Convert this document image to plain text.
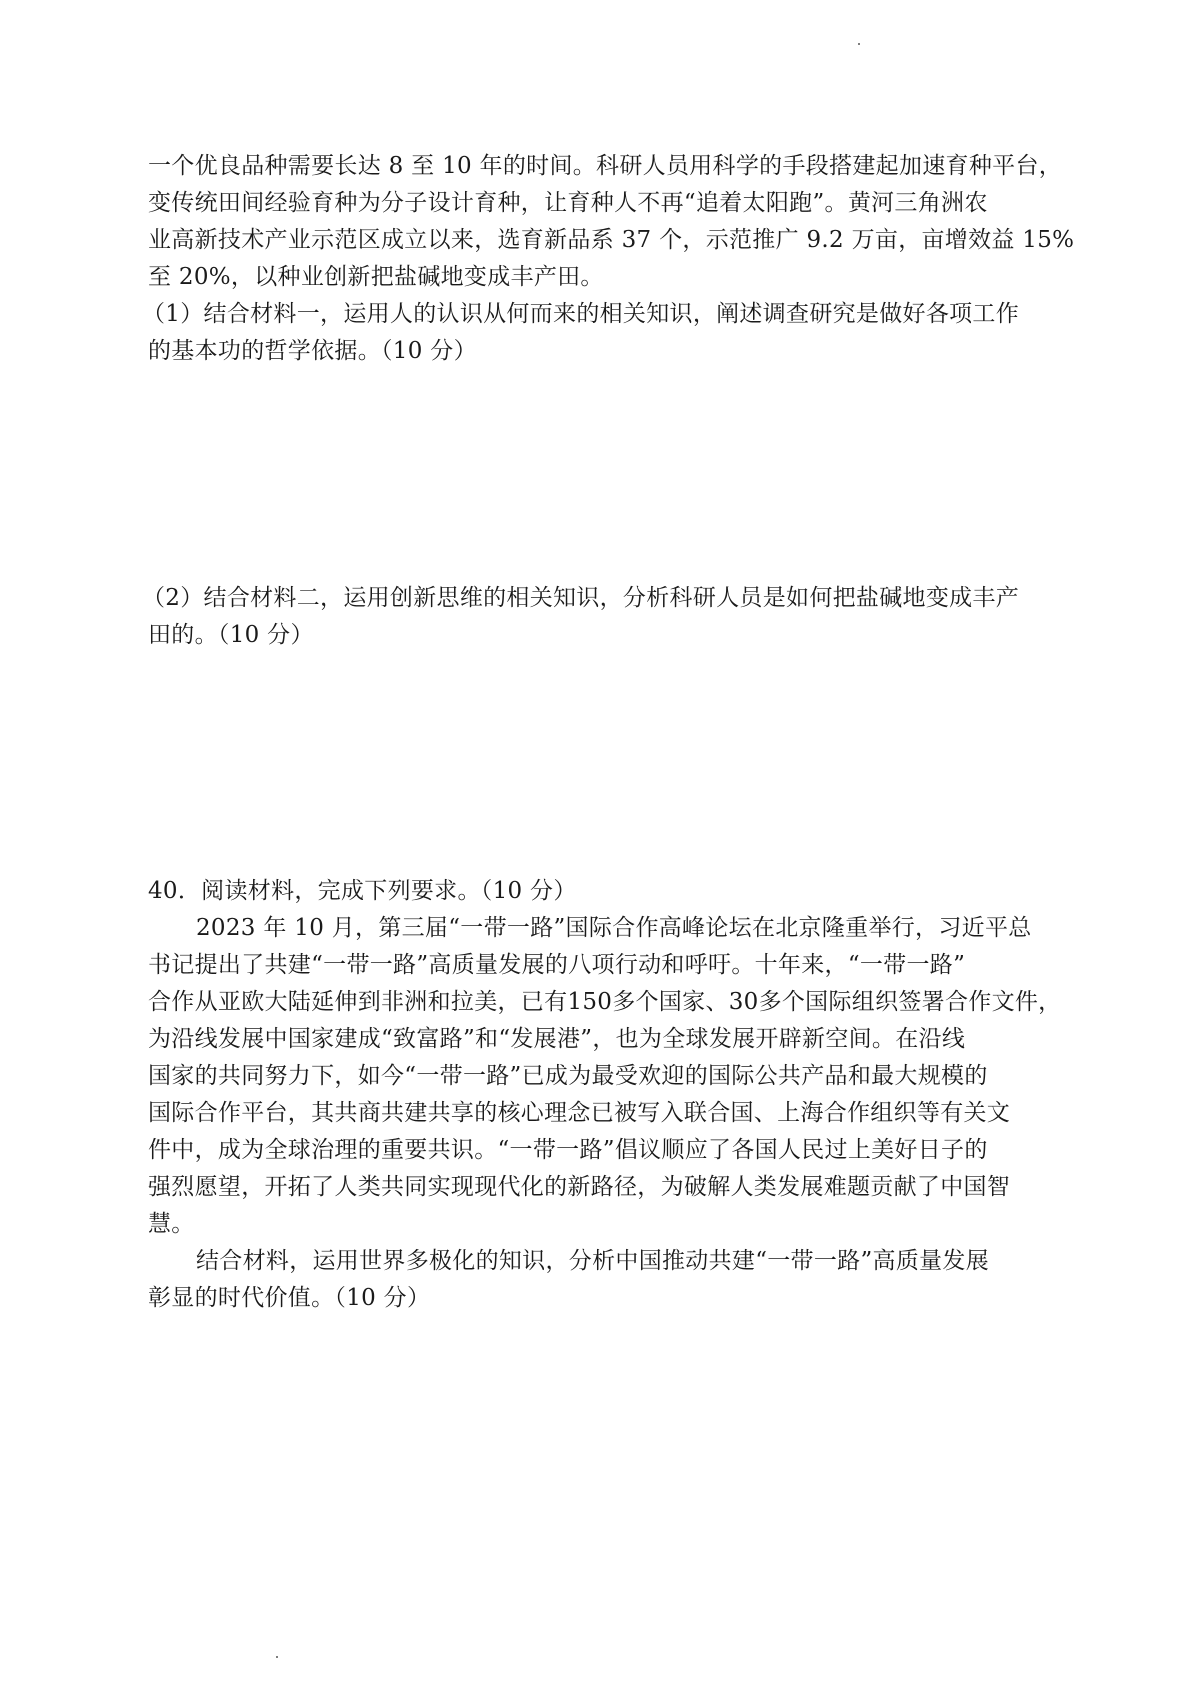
一个优良品种需要长达 8 至 10 年的时间。科研人员用科学的手段搭建起加速育种平台，
变传统田间经验育种为分子设计育种，让育种人不再“追着太阳跑”。黄河三角洲农
业高新技术产业示范区成立以来，选育新品系 37 个，示范推广 9.2 万亩，亩增效益 15%
至 20%，以种业创新把盐碱地变成丰产田。
（1）结合材料一，运用人的认识从何而来的相关知识，阐述调查研究是做好各项工作
的基本功的哲学依据。（10 分）
（2）结合材料二，运用创新思维的相关知识，分析科研人员是如何把盐碱地变成丰产
田的。（10 分）
40．阅读材料，完成下列要求。（10 分）
2023 年 10 月，第三届“一带一路”国际合作高峰论坛在北京隆重举行，习近平总
书记提出了共建“一带一路”高质量发展的八项行动和呼吁。十年来，“一带一路”
合作从亚欧大陆延伸到非洲和拉美，已有150多个国家、30多个国际组织签署合作文件，
为沿线发展中国家建成“致富路”和“发展港”，也为全球发展开辟新空间。在沿线
国家的共同努力下，如今“一带一路”已成为最受欢迎的国际公共产品和最大规模的
国际合作平台，其共商共建共享的核心理念已被写入联合国、上海合作组织等有关文
件中，成为全球治理的重要共识。“一带一路”倡议顺应了各国人民过上美好日子的
强烈愿望，开拓了人类共同实现现代化的新路径，为破解人类发展难题贡献了中国智
慧。
结合材料，运用世界多极化的知识，分析中国推动共建“一带一路”高质量发展
彰显的时代价值。（10 分）
